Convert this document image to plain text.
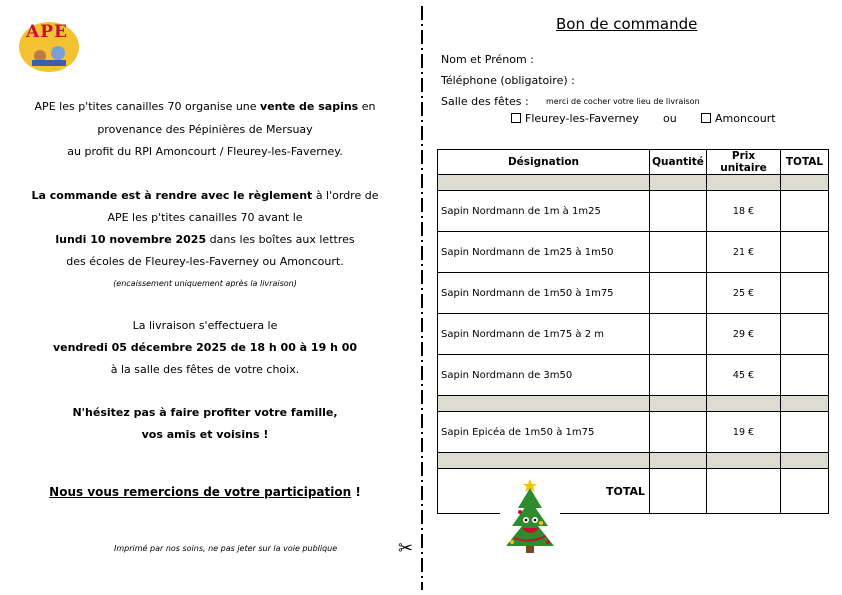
APE
APE les p'tites canailles 70 organise une vente de sapins en
provenance des Pépinières de Mersuay
au profit du RPI Amoncourt / Fleurey-les-Faverney.
La commande est à rendre avec le règlement à l'ordre de
APE les p'tites canailles 70 avant le
lundi 10 novembre 2025 dans les boîtes aux lettres
des écoles de Fleurey-les-Faverney ou Amoncourt.
(encaissement uniquement après la livraison)
La livraison s'effectuera le
vendredi 05 décembre 2025 de 18 h 00 à 19 h 00
à la salle des fêtes de votre choix.
N'hésitez pas à faire profiter votre famille,
vos amis et voisins !
Nous vous remercions de votre participation !
Imprimé par nos soins, ne pas jeter sur la voie publique	✂
Bon de commande
Nom et Prénom :
Téléphone (obligatoire) :
Salle des fêtes : merci de cocher votre lieu de livraison
Fleurey-les-Faverney ou	Amoncourt
Désignation	Quantité	Prix unitaire	TOTAL

Sapin Nordmann de 1m à 1m25		18 €	
Sapin Nordmann de 1m25 à 1m50		21 €	
Sapin Nordmann de 1m50 à 1m75		25 €	
Sapin Nordmann de 1m75 à 2 m		29 €	
Sapin Nordmann de 3m50		45 €	

Sapin Epicéa de 1m50 à 1m75		19 €	

TOTAL			
